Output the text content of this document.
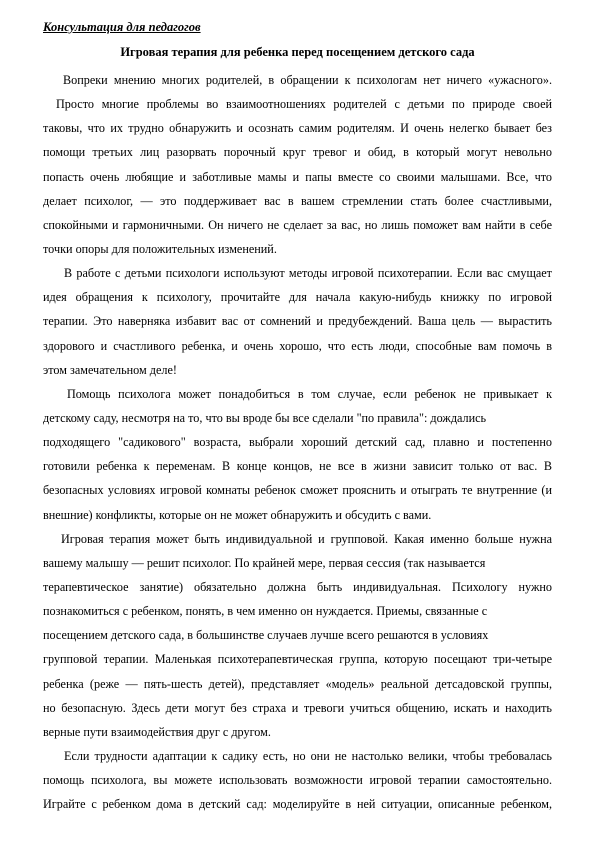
Консультация для педагогов
Игровая терапия для ребенка перед посещением детского сада
Вопреки мнению многих родителей, в обращении к психологам нет ничего «ужасного».
Просто многие проблемы во взаимоотношениях родителей с детьми по природе своей
таковы, что их трудно обнаружить и осознать самим родителям. И очень нелегко бывает без
помощи третьих лиц разорвать порочный круг тревог и обид, в который могут невольно
попасть очень любящие и заботливые мамы и папы вместе со своими малышами. Все, что
делает психолог, — это поддерживает вас в вашем стремлении стать более счастливыми,
спокойными и гармоничными. Он ничего не сделает за вас, но лишь поможет вам найти в себе
точки опоры для положительных изменений.
В работе с детьми психологи используют методы игровой психотерапии. Если вас смущает
идея обращения к психологу, прочитайте для начала какую-нибудь книжку по игровой
терапии. Это наверняка избавит вас от сомнений и предубеждений. Ваша цель — вырастить
здорового и счастливого ребенка, и очень хорошо, что есть люди, способные вам помочь в
этом замечательном деле!
Помощь психолога может понадобиться в том случае, если ребенок не привыкает к
детскому саду, несмотря на то, что вы вроде бы все сделали "по правила": дождались
подходящего "садикового" возраста, выбрали хороший детский сад, плавно и постепенно
готовили ребенка к переменам. В конце концов, не все в жизни зависит только от вас. В
безопасных условиях игровой комнаты ребенок сможет прояснить и отыграть те внутренние (и
внешние) конфликты, которые он не может обнаружить и обсудить с вами.
Игровая терапия может быть индивидуальной и групповой. Какая именно больше нужна
вашему малышу — решит психолог. По крайней мере, первая сессия (так называется
терапевтическое занятие) обязательно должна быть индивидуальная. Психологу нужно
познакомиться с ребенком, понять, в чем именно он нуждается. Приемы, связанные с
посещением детского сада, в большинстве случаев лучше всего решаются в условиях
групповой терапии. Маленькая психотерапевтическая группа, которую посещают три-четыре
ребенка (реже — пять-шесть детей), представляет «модель» реальной детсадовской группы,
но безопасную. Здесь дети могут без страха и тревоги учиться общению, искать и находить
верные пути взаимодействия друг с другом.
Если трудности адаптации к садику есть, но они не настолько велики, чтобы требовалась
помощь психолога, вы можете использовать возможности игровой терапии самостоятельно.
Играйте с ребенком дома в детский сад: моделируйте в ней ситуации, описанные ребенком,
